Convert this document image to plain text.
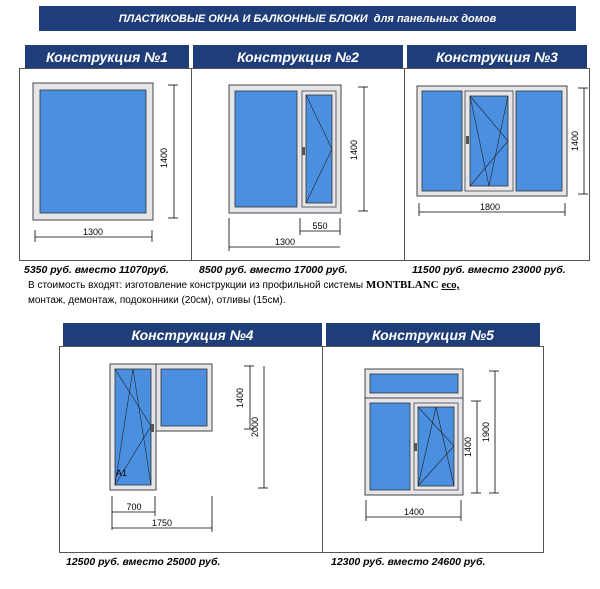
ПЛАСТИКОВЫЕ ОКНА И БАЛКОННЫЕ БЛОКИ
для панельных домов
Конструкция №1	Конструкция №2	Конструкция №3
1400
1300
1400
550
1300
1400
1800
5350 руб. вместо 11070руб.	8500 руб. вместо 17000 руб.	11500 руб. вместо 23000 руб.
В стоимость входят: изготовление конструкции из профильной системы MONTBLANC eco,
монтаж, демонтаж, подоконники (20см), отливы (15см).
Конструкция №4	Конструкция №5
A1
1400
2000
700
1750
1400
1900
1400
12500 руб. вместо 25000 руб.	12300 руб. вместо 24600 руб.
